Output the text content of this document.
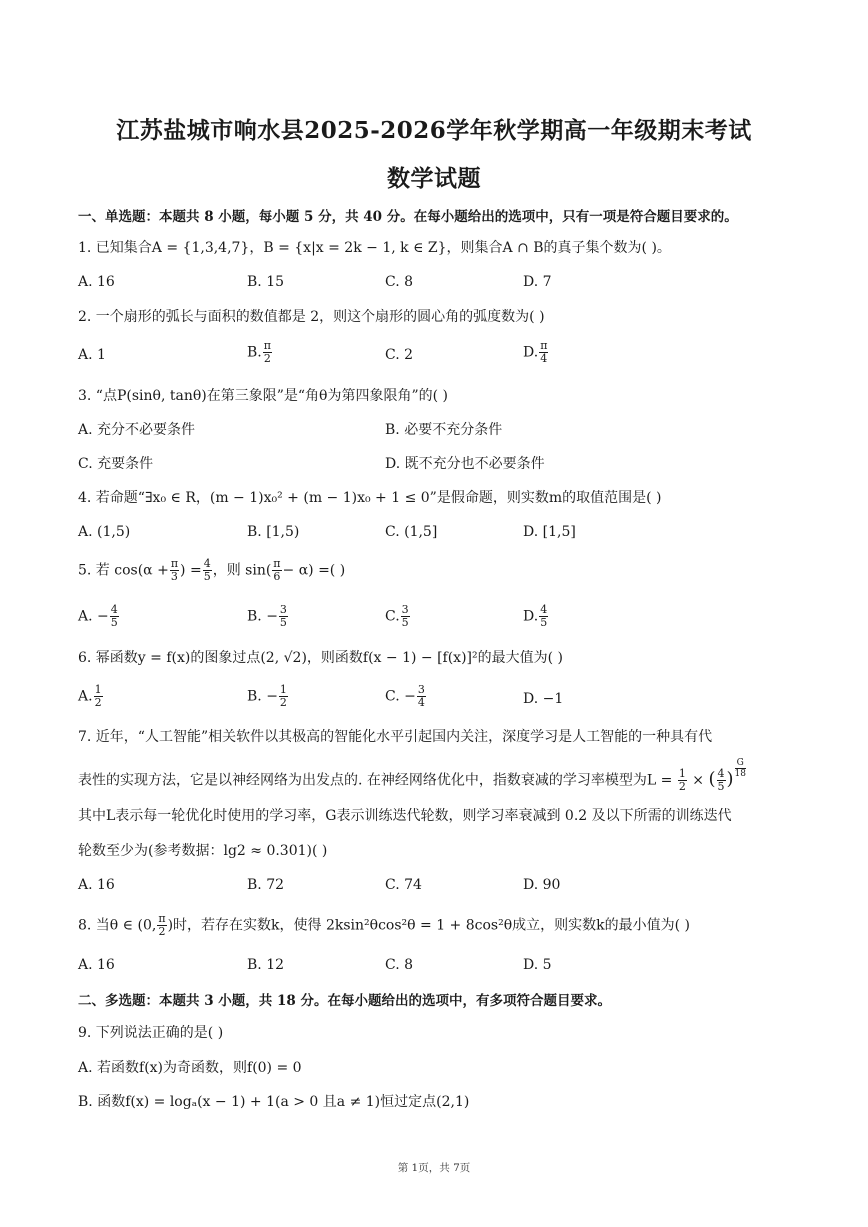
江苏盐城市响水县2025-2026学年秋学期高一年级期末考试
数学试题
一、单选题：本题共 8 小题，每小题 5 分，共 40 分。在每小题给出的选项中，只有一项是符合题目要求的。
1. 已知集合A = {1,3,4,7}，B = {x|x = 2k − 1, k ∈ Z}，则集合A ∩ B的真子集个数为( )。
A. 16	B. 15	C. 8	D. 7
2. 一个扇形的弧长与面积的数值都是 2，则这个扇形的圆心角的弧度数为( )
A. 1	B. $\frac{\pi}{2}$	C. 2	D. $\frac{\pi}{4}$
3. “点P(sinθ, tanθ)在第三象限”是“角θ为第四象限角”的( )
A. 充分不必要条件	B. 必要不充分条件
C. 充要条件	D. 既不充分也不必要条件
4. 若命题“∃x₀ ∈ R，(m − 1)x₀² + (m − 1)x₀ + 1 ≤ 0”是假命题，则实数m的取值范围是( )
A. (1,5)	B. [1,5)	C. (1,5]	D. [1,5]
5. 若 $\cos(\alpha + \frac{\pi}{3}$ ) = $\frac{4}{5}$ ，则 $\sin( \frac{\pi}{6} - \alpha)$ =( )
A. − $\frac{4}{5}$	B. − $\frac{3}{5}$	C. $\frac{3}{5}$	D. $\frac{4}{5}$
6. 幂函数y = f(x)的图象过点(2, √2)，则函数f(x − 1) − [f(x)]²的最大值为( )
A. $\frac{1}{2}$	B. − $\frac{1}{2}$	C. − $\frac{3}{4}$	D. −1
7. 近年，“人工智能”相关软件以其极高的智能化水平引起国内关注，深度学习是人工智能的一种具有代
表性的实现方法，它是以神经网络为出发点的. 在神经网络优化中，指数衰减的学习率模型为$L = \frac{1}{2}$ × ( $\frac{4}{5}$ ) $\frac{G}{18}$
其中L表示每一轮优化时使用的学习率，G表示训练迭代轮数，则学习率衰减到 0.2 及以下所需的训练迭代
轮数至少为(参考数据：lg2 ≈ 0.301)( )
A. 16	B. 72	C. 74	D. 90
8. 当θ ∈ (0, $\frac{\pi}{2}$ )时，若存在实数k，使得 2ksin²θcos²θ = 1 + 8cos²θ成立，则实数k的最小值为( )
A. 16	B. 12	C. 8	D. 5
二、多选题：本题共 3 小题，共 18 分。在每小题给出的选项中，有多项符合题目要求。
9. 下列说法正确的是( )
A. 若函数f(x)为奇函数，则f(0) = 0
B. 函数f(x) = logₐ(x − 1) + 1(a > 0 且a ≠ 1)恒过定点(2,1)
第 1页，共 7页
